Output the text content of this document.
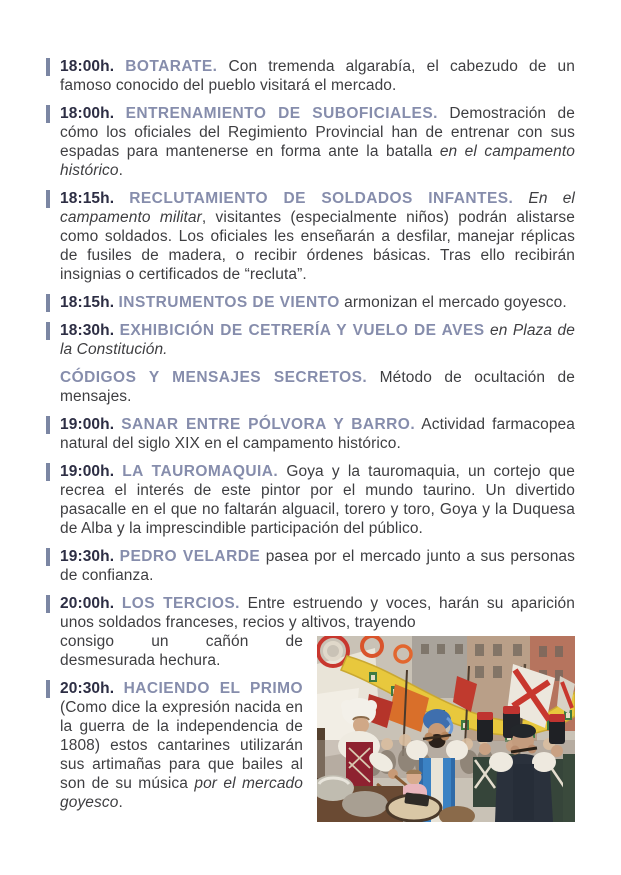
18:00h. BOTARATE. Con tremenda algarabía, el cabezudo de un famoso conocido del pueblo visitará el mercado.

18:00h. ENTRENAMIENTO DE SUBOFICIALES. Demostración de cómo los oficiales del Regimiento Provincial han de entrenar con sus espadas para mantenerse en forma ante la batalla en el campamento histórico.

18:15h. RECLUTAMIENTO DE SOLDADOS INFANTES. En el campamento militar, visitantes (especialmente niños) podrán alistarse como soldados. Los oficiales les enseñarán a desfilar, manejar réplicas de fusiles de madera, o recibir órdenes básicas. Tras ello recibirán insignias o certificados de “recluta”.

18:15h. INSTRUMENTOS DE VIENTO armonizan el mercado goyesco.

18:30h. EXHIBICIÓN DE CETRERÍA Y VUELO DE AVES en Plaza de la Constitución.

CÓDIGOS Y MENSAJES SECRETOS. Método de ocultación de mensajes.

19:00h. SANAR ENTRE PÓLVORA Y BARRO. Actividad farmacopea natural del siglo XIX en el campamento histórico.

19:00h. LA TAUROMAQUIA. Goya y la tauromaquia, un cortejo que recrea el interés de este pintor por el mundo taurino. Un divertido pasacalle en el que no faltarán alguacil, torero y toro, Goya y la Duquesa de Alba y la imprescindible participación del público.

19:30h. PEDRO VELARDE pasea por el mercado junto a sus personas de confianza.

20:00h. LOS TERCIOS. Entre estruendo y voces, harán su aparición unos soldados franceses, recios y altivos, trayendo

consigo un cañón de desmesurada hechura.

20:30h. HACIENDO EL PRIMO (Como dice la expresión nacida en la guerra de la independencia de 1808) estos cantarines utilizarán sus artimañas para que bailes al son de su música por el mercado goyesco.
